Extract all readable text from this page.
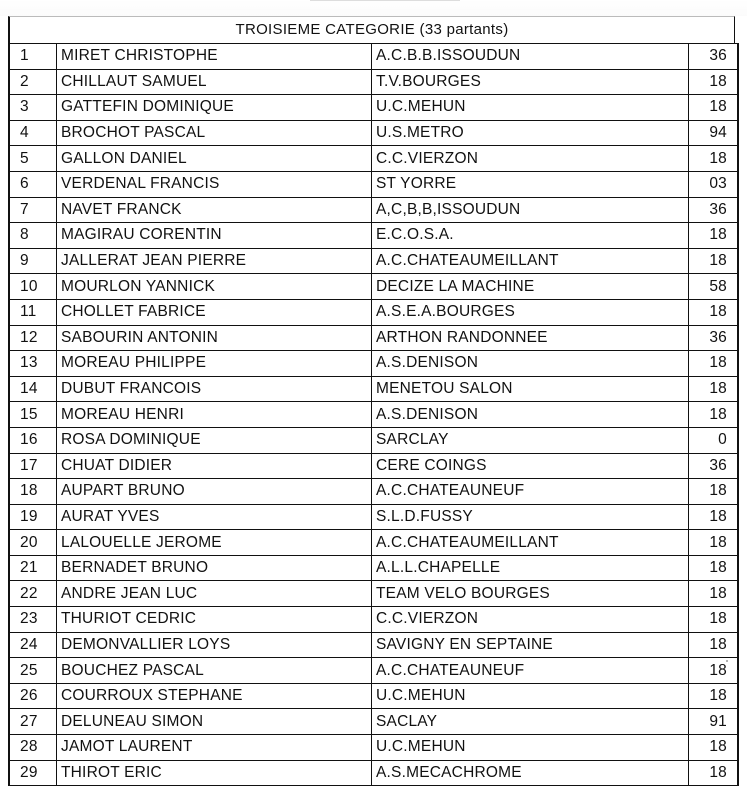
TROISIEME CATEGORIE (33 partants)
1	MIRET CHRISTOPHE	A.C.B.B.ISSOUDUN	36
2	CHILLAUT SAMUEL	T.V.BOURGES	18
3	GATTEFIN DOMINIQUE	U.C.MEHUN	18
4	BROCHOT PASCAL	U.S.METRO	94
5	GALLON DANIEL	C.C.VIERZON	18
6	VERDENAL FRANCIS	ST YORRE	03
7	NAVET FRANCK	A,C,B,B,ISSOUDUN	36
8	MAGIRAU CORENTIN	E.C.O.S.A.	18
9	JALLERAT JEAN PIERRE	A.C.CHATEAUMEILLANT	18
10	MOURLON YANNICK	DECIZE LA MACHINE	58
11	CHOLLET FABRICE	A.S.E.A.BOURGES	18
12	SABOURIN ANTONIN	ARTHON RANDONNEE	36
13	MOREAU PHILIPPE	A.S.DENISON	18
14	DUBUT FRANCOIS	MENETOU SALON	18
15	MOREAU HENRI	A.S.DENISON	18
16	ROSA DOMINIQUE	SARCLAY	0
17	CHUAT DIDIER	CERE COINGS	36
18	AUPART BRUNO	A.C.CHATEAUNEUF	18
19	AURAT YVES	S.L.D.FUSSY	18
20	LALOUELLE JEROME	A.C.CHATEAUMEILLANT	18
21	BERNADET BRUNO	A.L.L.CHAPELLE	18
22	ANDRE JEAN LUC	TEAM VELO BOURGES	18
23	THURIOT CEDRIC	C.C.VIERZON	18
24	DEMONVALLIER LOYS	SAVIGNY EN SEPTAINE	18
25	BOUCHEZ PASCAL	A.C.CHATEAUNEUF	18
26	COURROUX STEPHANE	U.C.MEHUN	18
27	DELUNEAU SIMON	SACLAY	91
28	JAMOT LAURENT	U.C.MEHUN	18
29	THIROT ERIC	A.S.MECACHROME	18
